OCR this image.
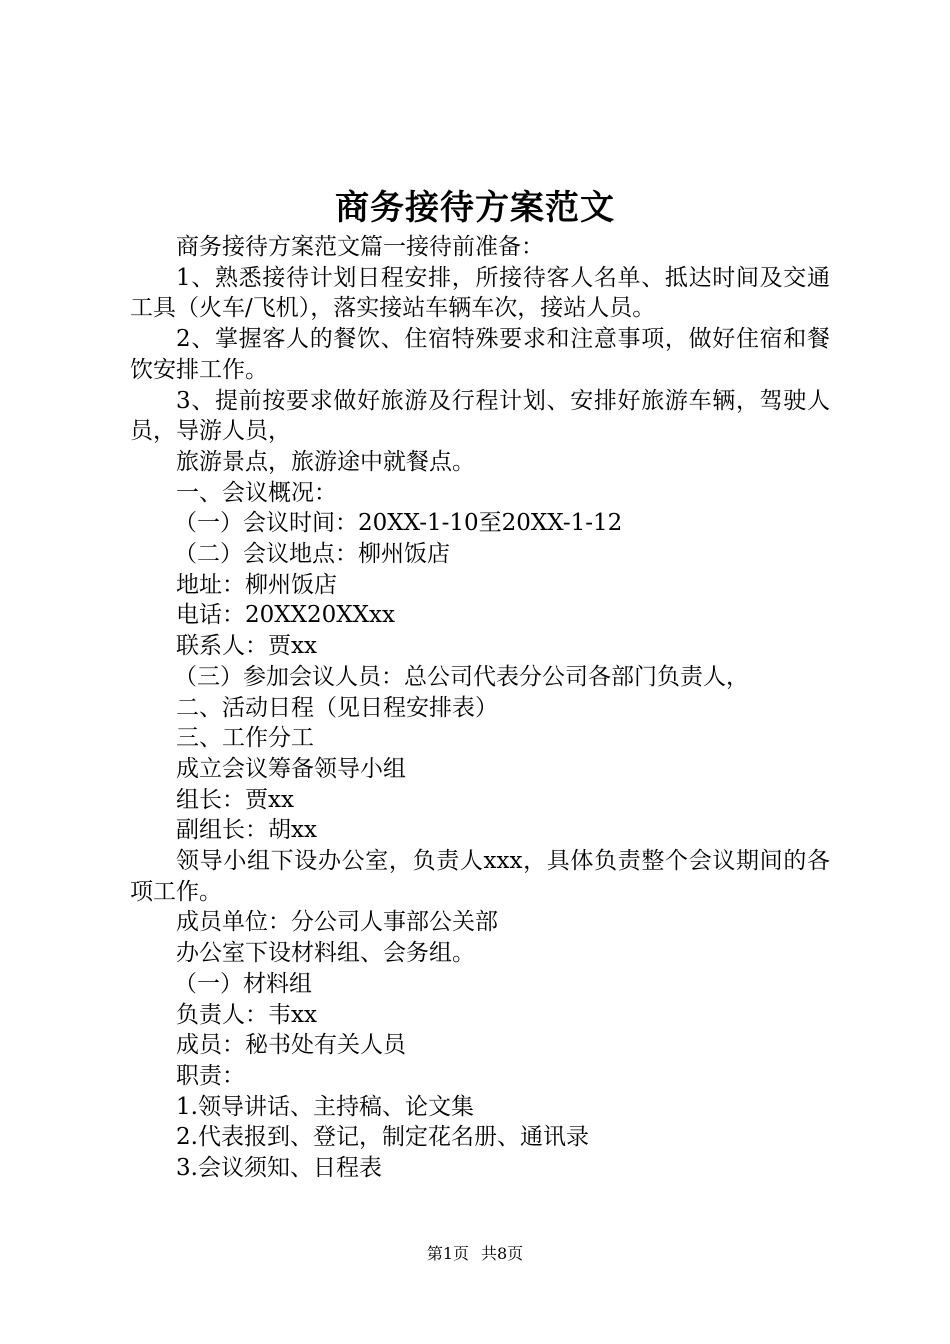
商务接待方案范文

商务接待方案范文篇一接待前准备：

1、熟悉接待计划日程安排，所接待客人名单、抵达时间及交通工具（火车/飞机），落实接站车辆车次，接站人员。

2、掌握客人的餐饮、住宿特殊要求和注意事项，做好住宿和餐饮安排工作。

3、提前按要求做好旅游及行程计划、安排好旅游车辆，驾驶人员，导游人员，

旅游景点，旅游途中就餐点。

一、会议概况：

（一）会议时间：20XX-1-10至20XX-1-12

（二）会议地点：柳州饭店

地址：柳州饭店

电话：20XX20XXxx

联系人：贾xx

（三）参加会议人员：总公司代表分公司各部门负责人，

二、活动日程（见日程安排表）

三、工作分工

成立会议筹备领导小组

组长：贾xx

副组长：胡xx

领导小组下设办公室，负责人xxx，具体负责整个会议期间的各项工作。

成员单位：分公司人事部公关部

办公室下设材料组、会务组。

（一）材料组

负责人：韦xx

成员：秘书处有关人员

职责：

1.领导讲话、主持稿、论文集

2.代表报到、登记，制定花名册、通讯录

3.会议须知、日程表

第1页 共8页
